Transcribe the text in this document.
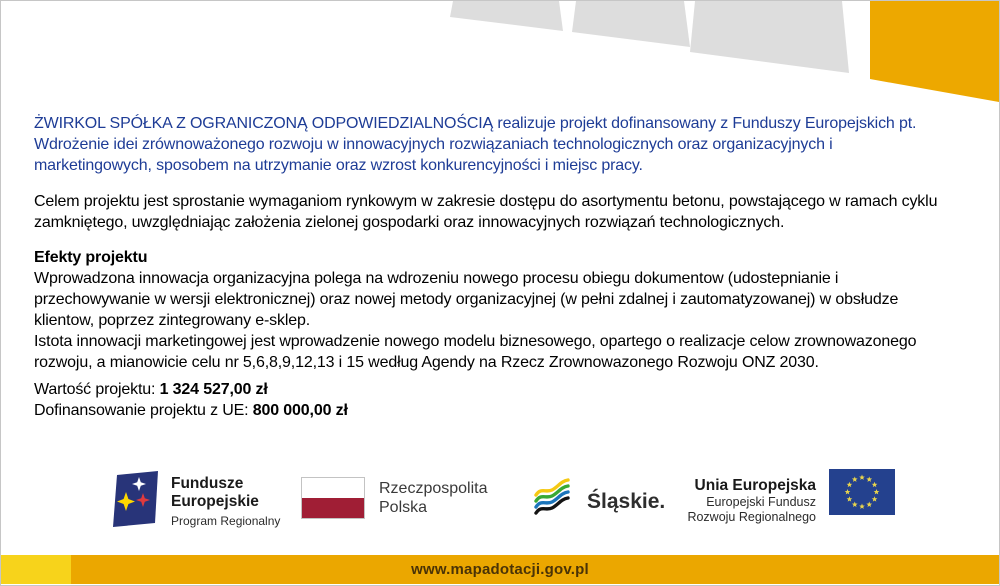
ŻWIRKOL SPÓŁKA Z OGRANICZONĄ ODPOWIEDZIALNOŚCIĄ realizuje projekt dofinansowany z Funduszy Europejskich pt. Wdrożenie idei zrównoważonego rozwoju w innowacyjnych rozwiązaniach technologicznych oraz organizacyjnych i marketingowych, sposobem na utrzymanie oraz wzrost konkurencyjności i miejsc pracy.

Celem projektu jest sprostanie wymaganiom rynkowym w zakresie dostępu do asortymentu betonu, powstającego w ramach cyklu zamkniętego, uwzględniając założenia zielonej gospodarki oraz innowacyjnych rozwiązań technologicznych.

Efekty projektu

Wprowadzona innowacja organizacyjna polega na wdrozeniu nowego procesu obiegu dokumentow (udostepnianie i przechowywanie w wersji elektronicznej) oraz nowej metody organizacyjnej (w pełni zdalnej i zautomatyzowanej) w obsłudze klientow, poprzez zintegrowany e-sklep.

Istota innowacji marketingowej jest wprowadzenie nowego modelu biznesowego, opartego o realizacje celow zrownowazonego rozwoju, a mianowicie celu nr 5,6,8,9,12,13 i 15 według Agendy na Rzecz Zrownowazonego Rozwoju ONZ 2030.

Wartość projektu: 1 324 527,00 zł

Dofinansowanie projektu z UE: 800 000,00 zł

Fundusze
Europejskie
Program Regionalny
Rzeczpospolita
Polska	Śląskie.
Unia Europejska
Europejski Fundusz
Rozwoju Regionalnego
www.mapadotacji.gov.pl
